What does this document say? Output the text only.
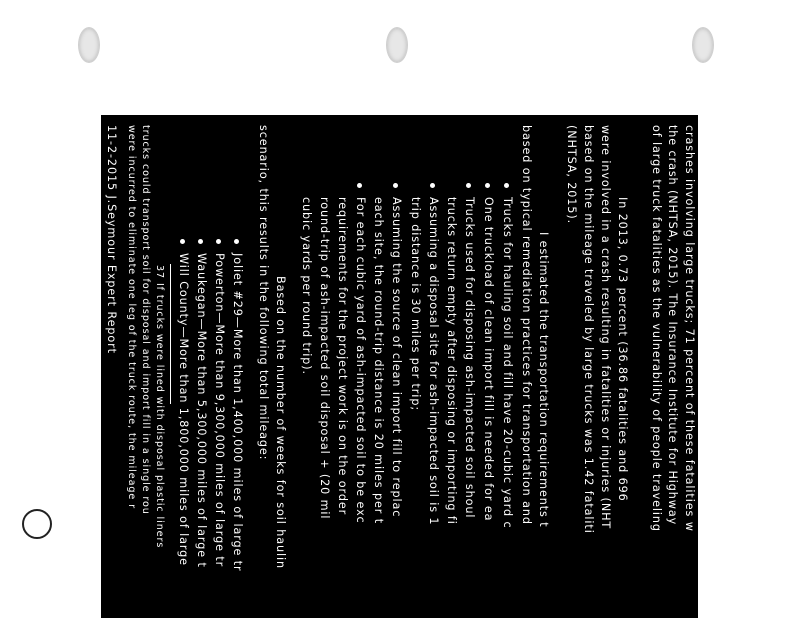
crashes involving large trucks; 71 percent of these fatalities w
the crash (NHTSA, 2015). The Insurance Institute for Highway
of large truck fatalities as the vulnerability of people traveling
In 2013, 0.73 percent (36.86 fatalities and 696
were involved in a crash resulting in fatalities or injuries (NHT
based on the mileage traveled by large trucks was 1.42 fataliti
(NHTSA, 2015).
I estimated the transportation requirements t
based on typical remediation practices for transportation and
Trucks for hauling soil and fill have 20-cubic yard c
One truckload of clean import fill is needed for ea
Trucks used for disposing ash-impacted soil shoul
trucks return empty after disposing or importing fi
Assuming a disposal site for ash-impacted soil is 1
trip distance is 30 miles per trip;
Assuming the source of clean import fill to replac
each site, the round-trip distance is 20 miles per t
For each cubic yard of ash-impacted soil to be exc
requirements for the project work is on the order
round-trip of ash-impacted soil disposal + (20 mil
cubic yards per round trip).
Based on the number of weeks for soil haulin
scenario, this results in the following total mileage:
Joliet #29—More than 1,400,000 miles of large tr
Powerton—More than 9,300,000 miles of large tr
Waukegan—More than 5,300,000 miles of large t
Will County—More than 1,800,000 miles of large
37 If trucks were lined with disposal plastic liners
trucks could transport soil for disposal and import fill in a single rou
were incurred to eliminate one leg of the truck route, the mileage r
11-2-2015 J.Seymour Expert Report
